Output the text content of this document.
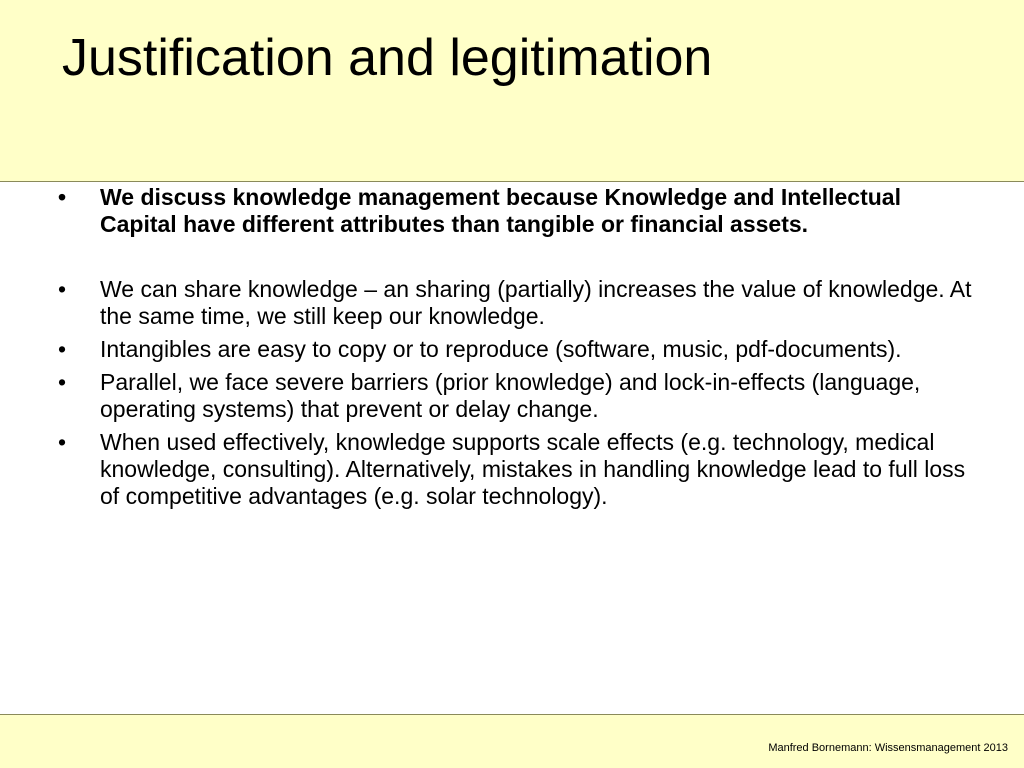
Justification and legitimation
•	We discuss knowledge management because Knowledge and Intellectual Capital have different attributes than tangible or financial assets.
•	We can share knowledge – an sharing (partially) increases the value of knowledge. At the same time, we still keep our knowledge.
•	Intangibles are easy to copy or to reproduce (software, music, pdf-documents).
•	Parallel, we face severe barriers (prior knowledge) and lock-in-effects (language, operating systems) that prevent or delay change.
•	When used effectively, knowledge supports scale effects (e.g. technology, medical knowledge, consulting). Alternatively, mistakes in handling knowledge lead to full loss of competitive advantages (e.g. solar technology).
Manfred Bornemann: Wissensmanagement 2013
